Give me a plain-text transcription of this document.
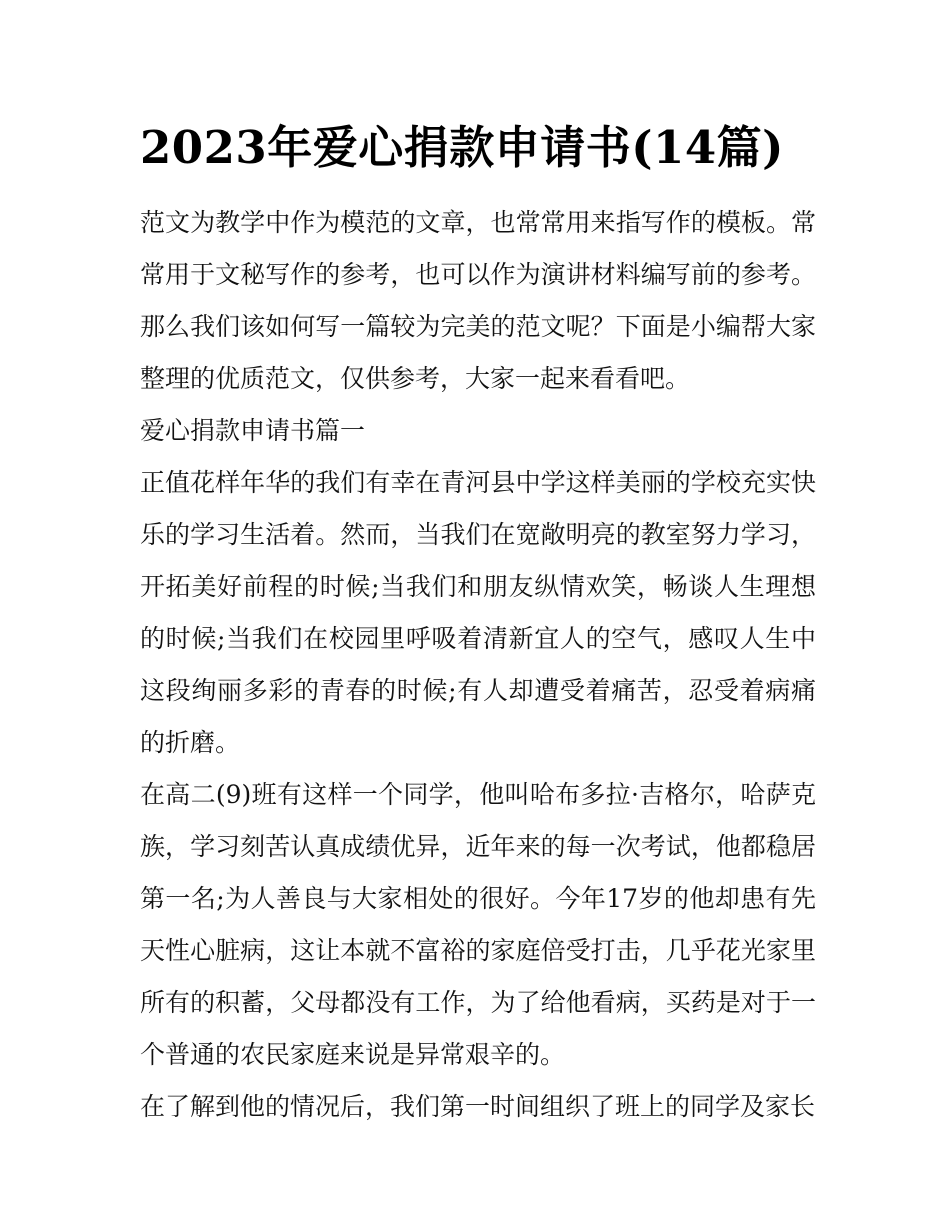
2023年爱心捐款申请书(14篇)

范文为教学中作为模范的文章，也常常用来指写作的模板。常常用于文秘写作的参考，也可以作为演讲材料编写前的参考。那么我们该如何写一篇较为完美的范文呢？下面是小编帮大家整理的优质范文，仅供参考，大家一起来看看吧。

爱心捐款申请书篇一

正值花样年华的我们有幸在青河县中学这样美丽的学校充实快乐的学习生活着。然而，当我们在宽敞明亮的教室努力学习，开拓美好前程的时候;当我们和朋友纵情欢笑，畅谈人生理想的时候;当我们在校园里呼吸着清新宜人的空气，感叹人生中这段绚丽多彩的青春的时候;有人却遭受着痛苦，忍受着病痛的折磨。

在高二(9)班有这样一个同学，他叫哈布多拉·吉格尔，哈萨克族，学习刻苦认真成绩优异，近年来的每一次考试，他都稳居第一名;为人善良与大家相处的很好。今年17岁的他却患有先天性心脏病，这让本就不富裕的家庭倍受打击，几乎花光家里所有的积蓄，父母都没有工作，为了给他看病，买药是对于一个普通的农民家庭来说是异常艰辛的。

在了解到他的情况后，我们第一时间组织了班上的同学及家长
